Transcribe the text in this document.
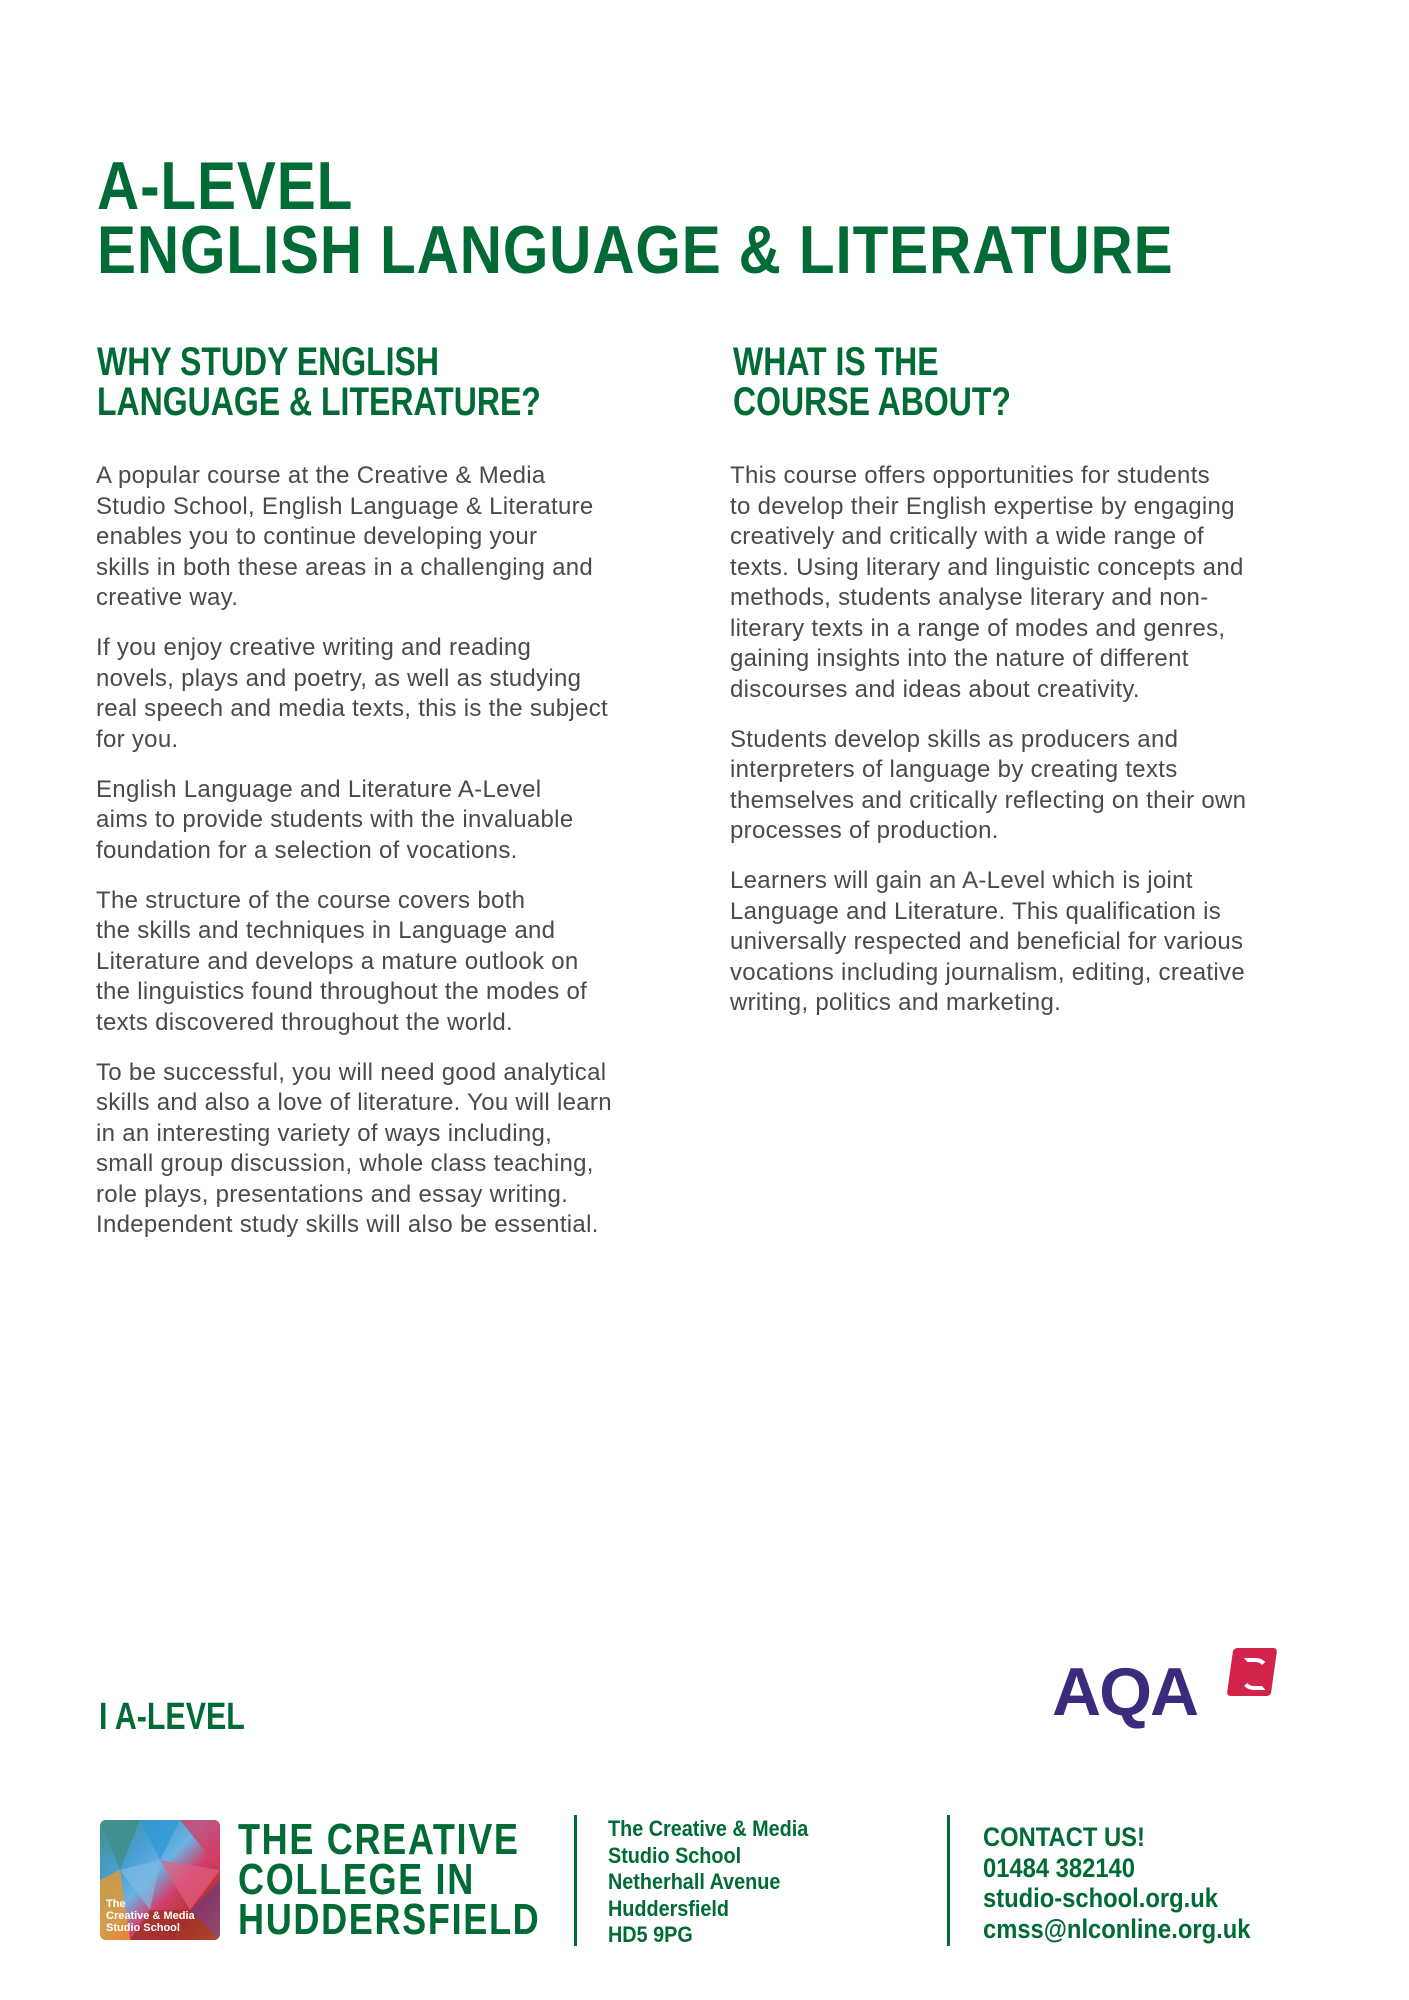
A-LEVEL
ENGLISH LANGUAGE & LITERATURE
WHY STUDY ENGLISH
LANGUAGE & LITERATURE?
WHAT IS THE
COURSE ABOUT?
A popular course at the Creative & Media
Studio School, English Language & Literature
enables you to continue developing your
skills in both these areas in a challenging and
creative way.
If you enjoy creative writing and reading
novels, plays and poetry, as well as studying
real speech and media texts, this is the subject
for you.
English Language and Literature A-Level
aims to provide students with the invaluable
foundation for a selection of vocations.
The structure of the course covers both
the skills and techniques in Language and
Literature and develops a mature outlook on
the linguistics found throughout the modes of
texts discovered throughout the world.
To be successful, you will need good analytical
skills and also a love of literature. You will learn
in an interesting variety of ways including,
small group discussion, whole class teaching,
role plays, presentations and essay writing.
Independent study skills will also be essential.
This course offers opportunities for students
to develop their English expertise by engaging
creatively and critically with a wide range of
texts. Using literary and linguistic concepts and
methods, students analyse literary and non-
literary texts in a range of modes and genres,
gaining insights into the nature of different
discourses and ideas about creativity.
Students develop skills as producers and
interpreters of language by creating texts
themselves and critically reflecting on their own
processes of production.
Learners will gain an A-Level which is joint
Language and Literature. This qualification is
universally respected and beneficial for various
vocations including journalism, editing, creative
writing, politics and marketing.
I A-LEVEL	AQA
The
Creative & Media
Studio School
THE CREATIVE
COLLEGE IN
HUDDERSFIELD
The Creative & Media
Studio School
Netherhall Avenue
Huddersfield
HD5 9PG
CONTACT US!
01484 382140
studio-school.org.uk
cmss@nlconline.org.uk
